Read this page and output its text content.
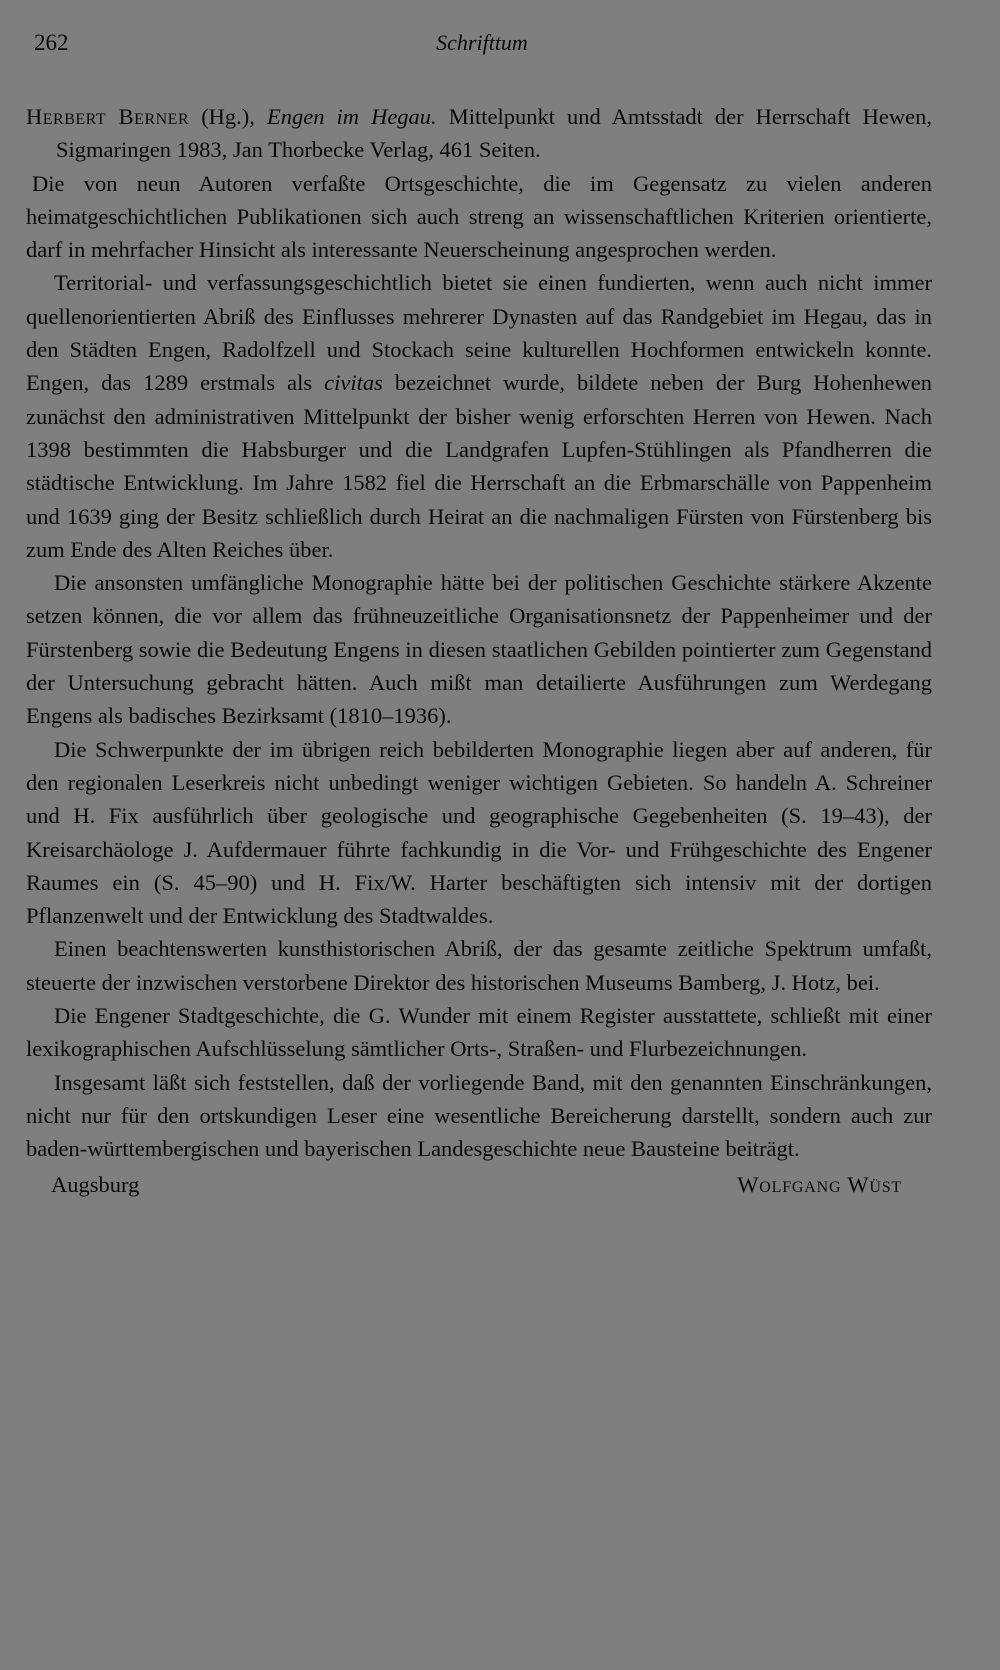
262	Schrifttum

Herbert Berner (Hg.), Engen im Hegau. Mittelpunkt und Amtsstadt der Herrschaft Hewen, Sigmaringen 1983, Jan Thorbecke Verlag, 461 Seiten.

Die von neun Autoren verfaßte Ortsgeschichte, die im Gegensatz zu vielen anderen heimatgeschichtlichen Publikationen sich auch streng an wissenschaftlichen Kriterien orientierte, darf in mehrfacher Hinsicht als interessante Neuerscheinung angesprochen werden.

Territorial- und verfassungsgeschichtlich bietet sie einen fundierten, wenn auch nicht immer quellenorientierten Abriß des Einflusses mehrerer Dynasten auf das Randgebiet im Hegau, das in den Städten Engen, Radolfzell und Stockach seine kulturellen Hochformen entwickeln konnte. Engen, das 1289 erstmals als civitas bezeichnet wurde, bildete neben der Burg Hohenhewen zunächst den administrativen Mittelpunkt der bisher wenig erforschten Herren von Hewen. Nach 1398 bestimmten die Habsburger und die Landgrafen Lupfen-Stühlingen als Pfandherren die städtische Entwicklung. Im Jahre 1582 fiel die Herrschaft an die Erbmarschälle von Pappenheim und 1639 ging der Besitz schließlich durch Heirat an die nachmaligen Fürsten von Fürstenberg bis zum Ende des Alten Reiches über.

Die ansonsten umfängliche Monographie hätte bei der politischen Geschichte stärkere Akzente setzen können, die vor allem das frühneuzeitliche Organisationsnetz der Pappenheimer und der Fürstenberg sowie die Bedeutung Engens in diesen staatlichen Gebilden pointierter zum Gegenstand der Untersuchung gebracht hätten. Auch mißt man detailierte Ausführungen zum Werdegang Engens als badisches Bezirksamt (1810–1936).

Die Schwerpunkte der im übrigen reich bebilderten Monographie liegen aber auf anderen, für den regionalen Leserkreis nicht unbedingt weniger wichtigen Gebieten. So handeln A. Schreiner und H. Fix ausführlich über geologische und geographische Gegebenheiten (S. 19–43), der Kreisarchäologe J. Aufdermauer führte fachkundig in die Vor- und Frühgeschichte des Engener Raumes ein (S. 45–90) und H. Fix/W. Harter beschäftigten sich intensiv mit der dortigen Pflanzenwelt und der Entwicklung des Stadtwaldes.

Einen beachtenswerten kunsthistorischen Abriß, der das gesamte zeitliche Spektrum umfaßt, steuerte der inzwischen verstorbene Direktor des historischen Museums Bamberg, J. Hotz, bei.

Die Engener Stadtgeschichte, die G. Wunder mit einem Register ausstattete, schließt mit einer lexikographischen Aufschlüsselung sämtlicher Orts-, Straßen- und Flurbezeichnungen.

Insgesamt läßt sich feststellen, daß der vorliegende Band, mit den genannten Einschränkungen, nicht nur für den ortskundigen Leser eine wesentliche Bereicherung darstellt, sondern auch zur baden-württembergischen und bayerischen Landesgeschichte neue Bausteine beiträgt.

Augsburg	Wolfgang Wüst
